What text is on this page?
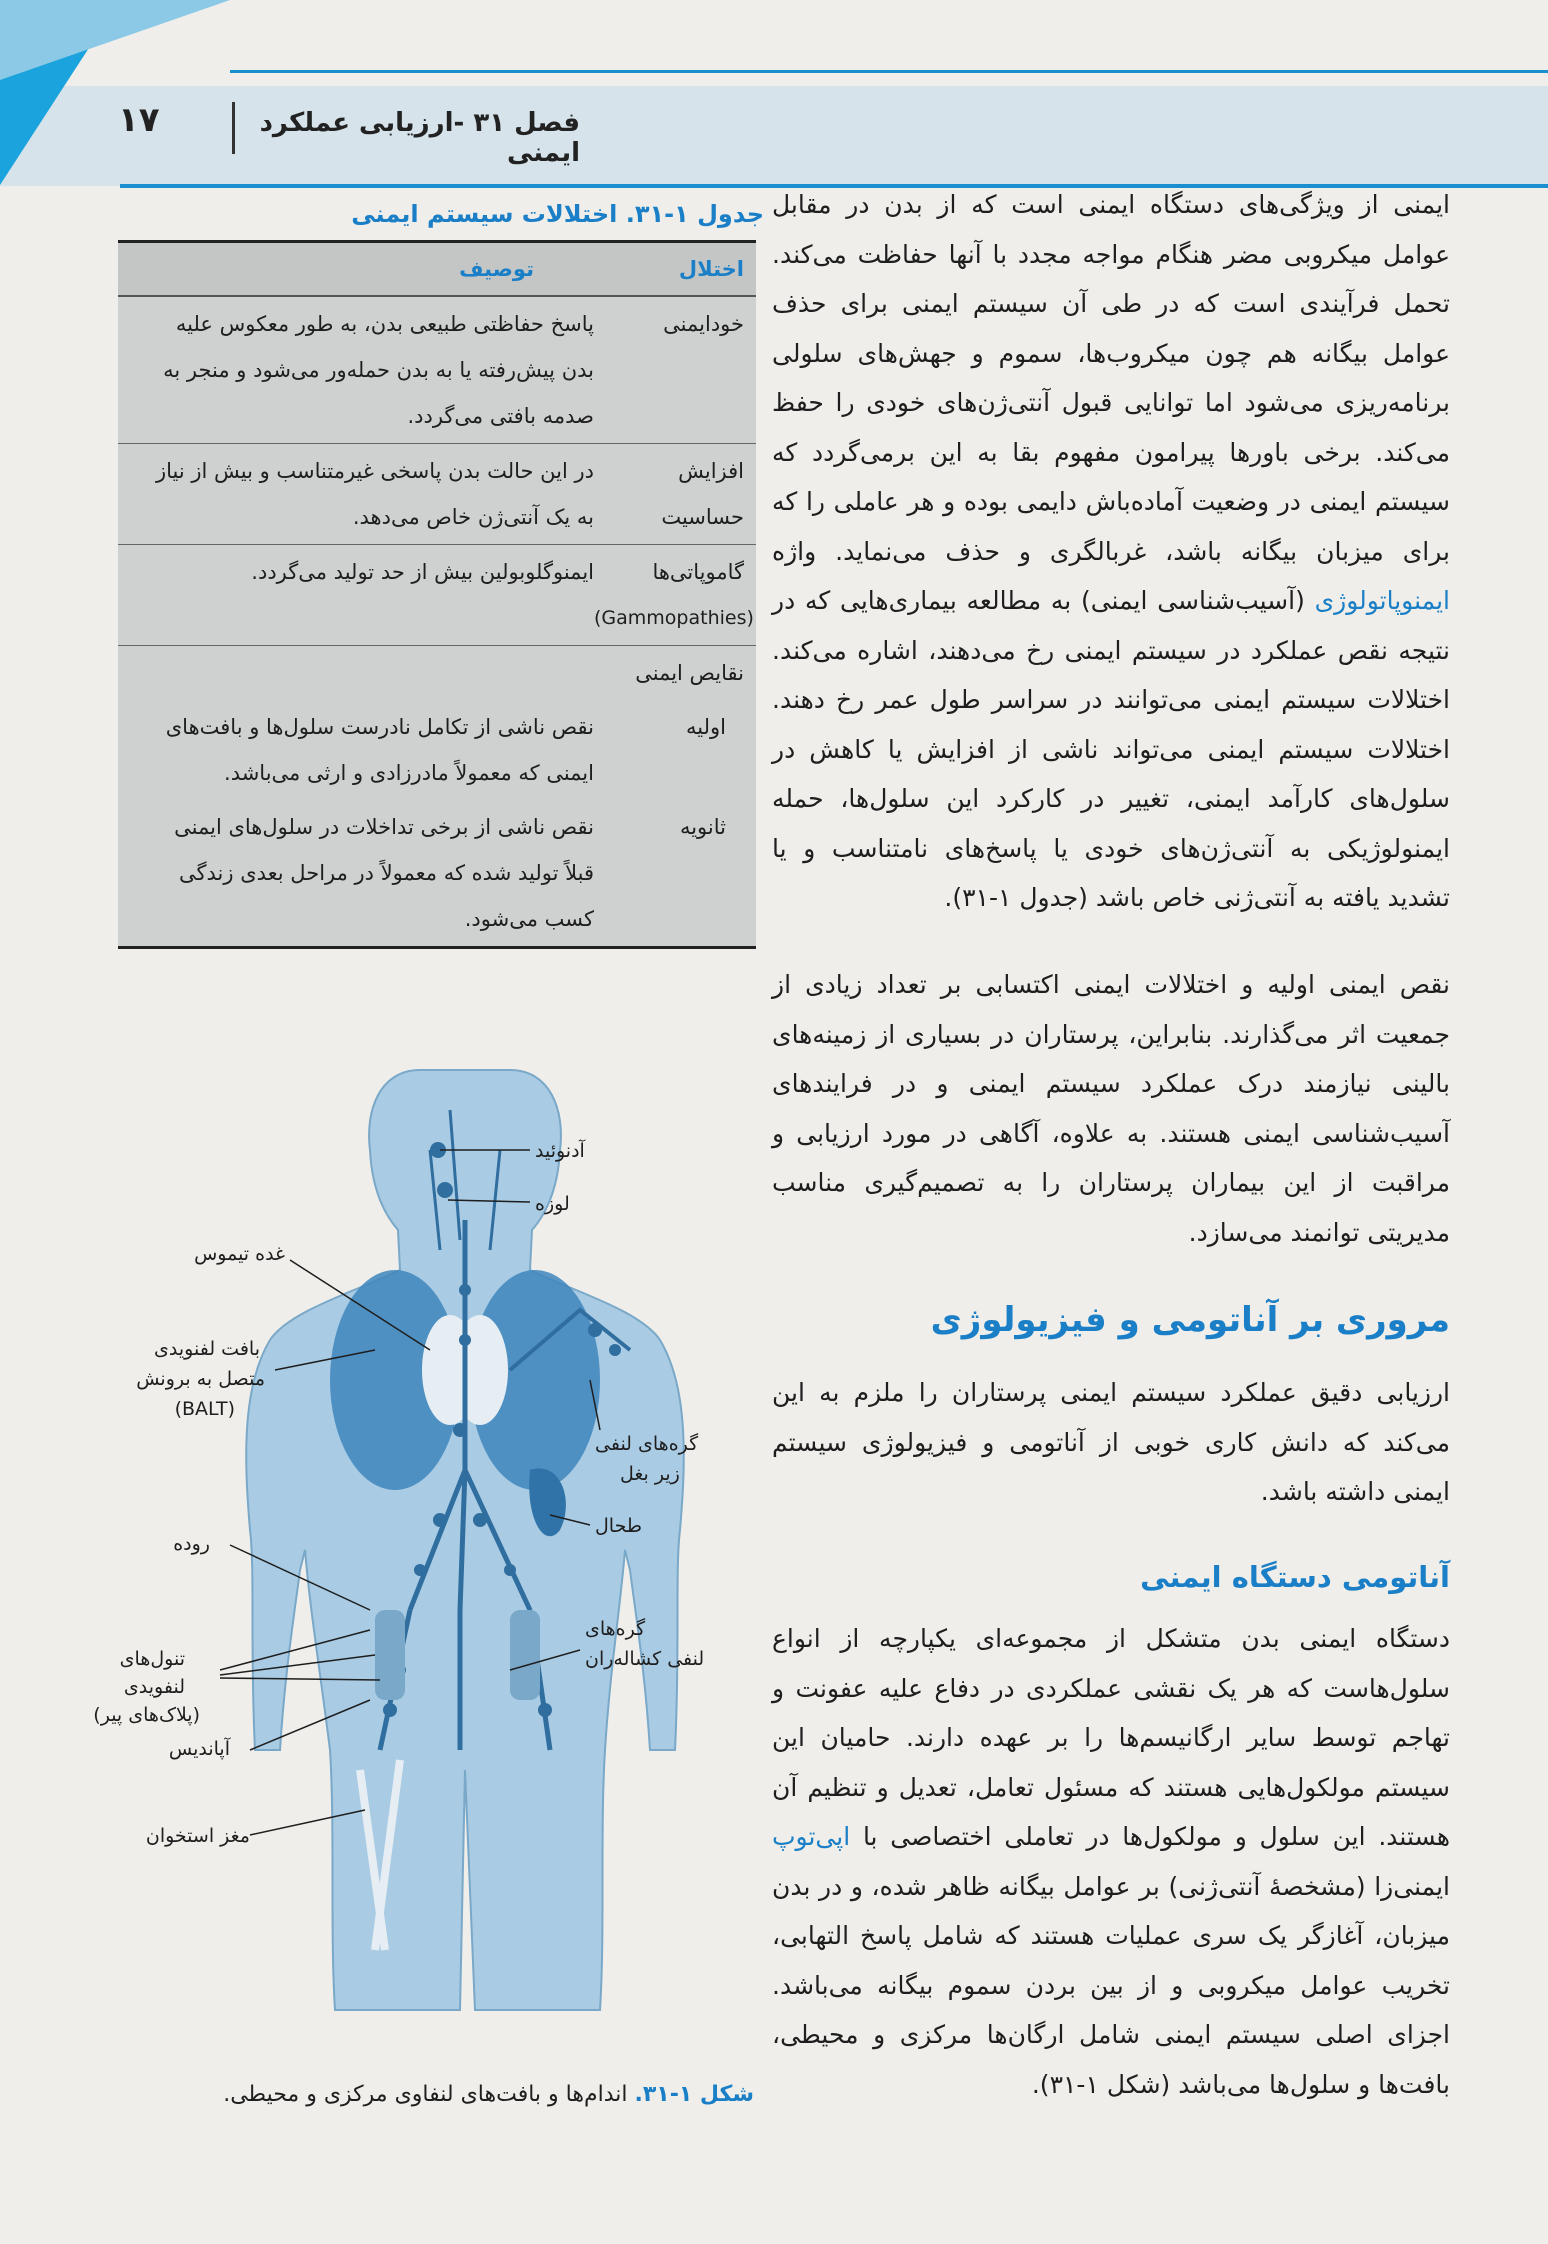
۱۷	فصل ۳۱ -ارزیابی عملکرد ایمنی
ایمنی از ویژگی‌های دستگاه ایمنی است که از بدن در مقابل عوامل میکروبی مضر هنگام مواجه مجدد با آنها حفاظت می‌کند. تحمل فرآیندی است که در طی آن سیستم ایمنی برای حذف عوامل بیگانه هم چون میکروب‌ها، سموم و جهش‌های سلولی برنامه‌ریزی می‌شود اما توانایی قبول آنتی‌ژن‌های خودی را حفظ می‌کند. برخی باورها پیرامون مفهوم بقا به این برمی‌گردد که سیستم ایمنی در وضعیت آماده‌باش دایمی بوده و هر عاملی را که برای میزبان بیگانه باشد، غربالگری و حذف می‌نماید. واژه ایمنوپاتولوژی (آسیب‌شناسی ایمنی) به مطالعه بیماری‌هایی که در نتیجه نقص عملکرد در سیستم ایمنی رخ می‌دهند، اشاره می‌کند. اختلالات سیستم ایمنی می‌توانند در سراسر طول عمر رخ دهند. اختلالات سیستم ایمنی می‌تواند ناشی از افزایش یا کاهش در سلول‌های کارآمد ایمنی، تغییر در کارکرد این سلول‌ها، حمله ایمنولوژیکی به آنتی‌ژن‌های خودی یا پاسخ‌های نامتناسب و یا تشدید یافته به آنتی‌ژنی خاص باشد (جدول ۱-۳۱).
نقص ایمنی اولیه و اختلالات ایمنی اکتسابی بر تعداد زیادی از جمعیت اثر می‌گذارند. بنابراین، پرستاران در بسیاری از زمینه‌های بالینی نیازمند درک عملکرد سیستم ایمنی و در فرایندهای آسیب‌شناسی ایمنی هستند. به علاوه، آگاهی در مورد ارزیابی و مراقبت از این بیماران پرستاران را به تصمیم‌گیری مناسب مدیریتی توانمند می‌سازد.
مروری بر آناتومی و فیزیولوژی
ارزیابی دقیق عملکرد سیستم ایمنی پرستاران را ملزم به این می‌کند که دانش کاری خوبی از آناتومی و فیزیولوژی سیستم ایمنی داشته باشد.
آناتومی دستگاه ایمنی
دستگاه ایمنی بدن متشکل از مجموعه‌ای یکپارچه از انواع سلول‌هاست که هر یک نقشی عملکردی در دفاع علیه عفونت و تهاجم توسط سایر ارگانیسم‌ها را بر عهده دارند. حامیان این سیستم مولکول‌هایی هستند که مسئول تعامل، تعدیل و تنظیم آن هستند. این سلول و مولکول‌ها در تعاملی اختصاصی با اپی‌توپ ایمنی‌زا (مشخصهٔ آنتی‌ژنی) بر عوامل بیگانه ظاهر شده، و در بدن میزبان، آغازگر یک سری عملیات هستند که شامل پاسخ التهابی، تخریب عوامل میکروبی و از بین بردن سموم بیگانه می‌باشد. اجزای اصلی سیستم ایمنی شامل ارگان‌ها مرکزی و محیطی، بافت‌ها و سلول‌ها می‌باشد (شکل ۱-۳۱).
جدول ۱-۳۱. اختلالات سیستم ایمنی
اختلال
توصیف
خودایمنی
پاسخ حفاظتی طبیعی بدن، به طور معکوس علیه بدن پیش‌رفته یا به بدن حمله‌ور می‌شود و منجر به صدمه بافتی می‌گردد.
افزایش حساسیت
در این حالت بدن پاسخی غیرمتناسب و بیش از نیاز به یک آنتی‌ژن خاص می‌دهد.
گاموپاتی‌ها
(Gammopathies)
ایمنوگلوبولین بیش از حد تولید می‌گردد.
نقایص ایمنی
اولیه
نقص ناشی از تکامل نادرست سلول‌ها و بافت‌های ایمنی که معمولاً مادرزادی و ارثی می‌باشد.
ثانویه
نقص ناشی از برخی تداخلات در سلول‌های ایمنی قبلاً تولید شده که معمولاً در مراحل بعدی زندگی کسب می‌شود.
آدنوئید
لوزه
غده تیموس
بافت لفنویدی
متصل به برونش
(BALT)
گره‌های لنفی
زیر بغل
طحال
روده
گره‌های
لنفی کشاله‌ران
تنول‌های
لنفویدی
(پلاک‌های پیر)
آپاندیس
مغز استخوان
شکل ۱-۳۱. اندام‌ها و بافت‌های لنفاوی مرکزی و محیطی.
